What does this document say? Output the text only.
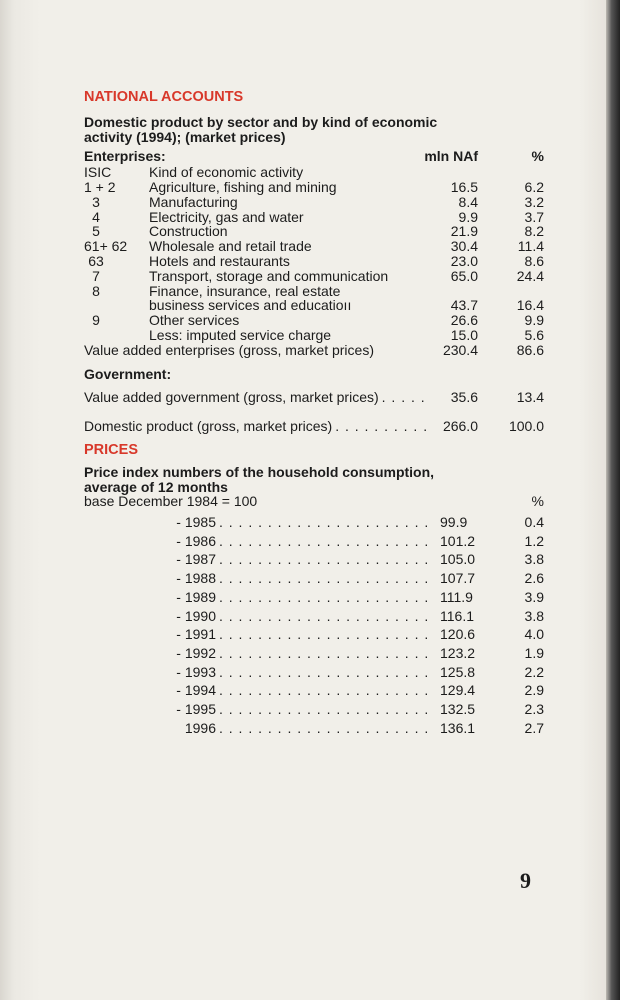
NATIONAL ACCOUNTS
Domestic product by sector and by kind of economic
activity (1994); (market prices)
Enterprises:	mln NAf	%
ISIC	Kind of economic activity
1 + 2 Agriculture, fishing and mining	16.5	6.2
3	Manufacturing	8.4	3.2
4	Electricity, gas and water	9.9	3.7
5	Construction	21.9	8.2
61+ 62 Wholesale and retail trade	30.4	11.4
63	Hotels and restaurants	23.0	8.6
7	Transport, storage and communication	65.0	24.4
8	Finance, insurance, real estate
business services and educatioıı	43.7	16.4
9	Other services	26.6	9.9
Less: imputed service charge	15.0	5.6
Value added enterprises (gross, market prices)	230.4	86.6
Government:
Value added government (gross, market prices) . . . . .	35.6	13.4
Domestic product (gross, market prices) . . . . . . . . . .	266.0	100.0
PRICES
Price index numbers of the household consumption,
average of 12 months
base December 1984 = 100	%
- 1985 . . . . . . . . . . . . . . . . . . . . . . 99.9	0.4
- 1986 . . . . . . . . . . . . . . . . . . . . . . 101.2	1.2
- 1987 . . . . . . . . . . . . . . . . . . . . . . 105.0	3.8
- 1988 . . . . . . . . . . . . . . . . . . . . . . 107.7	2.6
- 1989 . . . . . . . . . . . . . . . . . . . . . . 111.9	3.9
- 1990 . . . . . . . . . . . . . . . . . . . . . . 116.1	3.8
- 1991 . . . . . . . . . . . . . . . . . . . . . . 120.6	4.0
- 1992 . . . . . . . . . . . . . . . . . . . . . . 123.2	1.9
- 1993 . . . . . . . . . . . . . . . . . . . . . . 125.8	2.2
- 1994 . . . . . . . . . . . . . . . . . . . . . . 129.4	2.9
- 1995 . . . . . . . . . . . . . . . . . . . . . . 132.5	2.3
1996 . . . . . . . . . . . . . . . . . . . . . . 136.1	2.7
9
